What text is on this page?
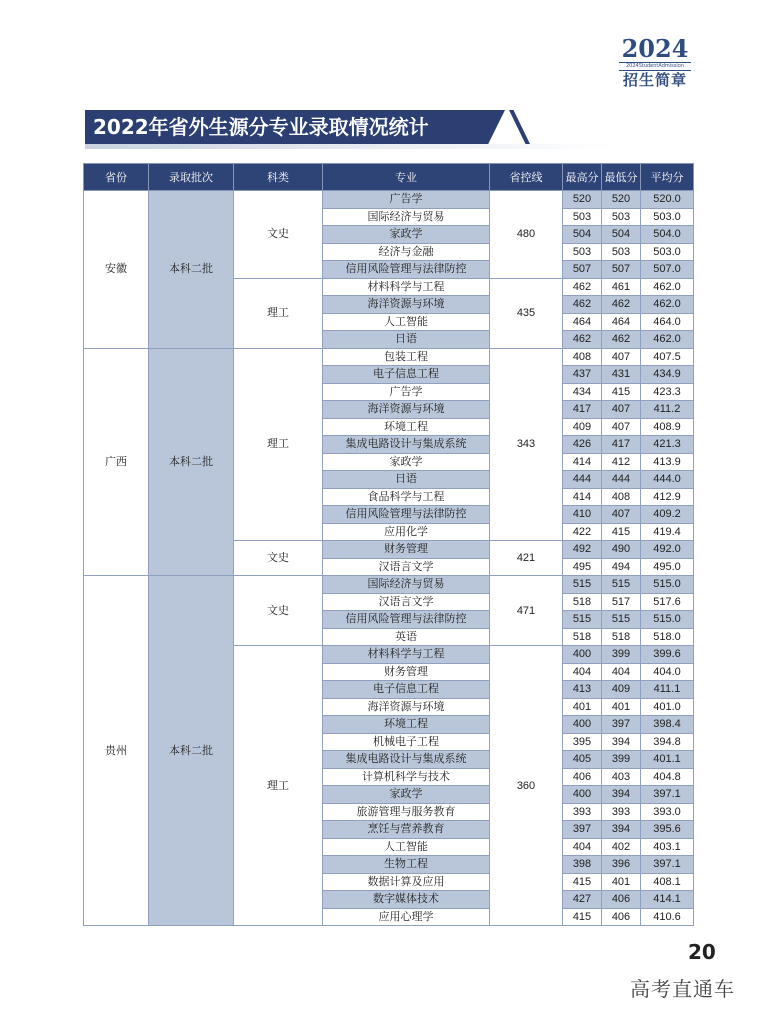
2024
2024StudentAdmission
招生简章
2022年省外生源分专业录取情况统计
省份	录取批次	科类	专业	省控线	最高分	最低分	平均分
安徽	本科二批	文史	广告学	480	520	520	520.0
			国际经济与贸易		503	503	503.0
			家政学		504	504	504.0
			经济与金融		503	503	503.0
			信用风险管理与法律防控		507	507	507.0
		理工	材料科学与工程	435	462	461	462.0
			海洋资源与环境		462	462	462.0
			人工智能		464	464	464.0
			日语		462	462	462.0
广西	本科二批	理工	包装工程	343	408	407	407.5
			电子信息工程		437	431	434.9
			广告学		434	415	423.3
			海洋资源与环境		417	407	411.2
			环境工程		409	407	408.9
			集成电路设计与集成系统		426	417	421.3
			家政学		414	412	413.9
			日语		444	444	444.0
			食品科学与工程		414	408	412.9
			信用风险管理与法律防控		410	407	409.2
			应用化学		422	415	419.4
		文史	财务管理	421	492	490	492.0
			汉语言文学		495	494	495.0
贵州	本科二批	文史	国际经济与贸易	471	515	515	515.0
			汉语言文学		518	517	517.6
			信用风险管理与法律防控		515	515	515.0
			英语		518	518	518.0
		理工	材料科学与工程	360	400	399	399.6
			财务管理		404	404	404.0
			电子信息工程		413	409	411.1
			海洋资源与环境		401	401	401.0
			环境工程		400	397	398.4
			机械电子工程		395	394	394.8
			集成电路设计与集成系统		405	399	401.1
			计算机科学与技术		406	403	404.8
			家政学		400	394	397.1
			旅游管理与服务教育		393	393	393.0
			烹饪与营养教育		397	394	395.6
			人工智能		404	402	403.1
			生物工程		398	396	397.1
			数据计算及应用		415	401	408.1
			数字媒体技术		427	406	414.1
			应用心理学		415	406	410.6
20
高考直通车
